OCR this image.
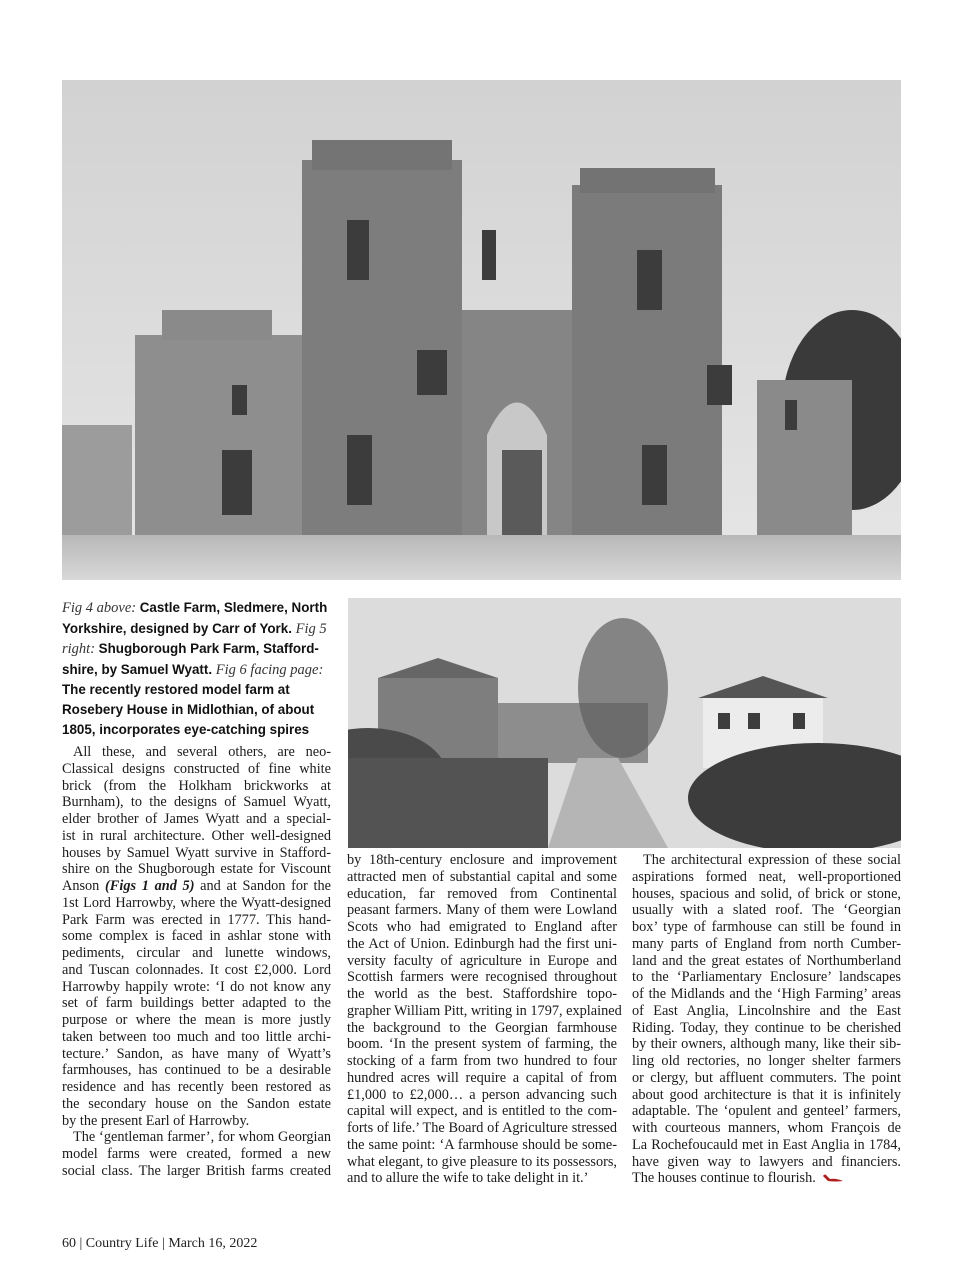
Fig 4 above: Castle Farm, Sledmere, North
Yorkshire, designed by Carr of York. Fig 5
right: Shugborough Park Farm, Stafford-
shire, by Samuel Wyatt. Fig 6 facing page:
The recently restored model farm at
Rosebery House in Midlothian, of about
1805, incorporates eye-catching spires
All these, and several others, are neo-
Classical designs constructed of fine white
brick (from the Holkham brickworks at
Burnham), to the designs of Samuel Wyatt,
elder brother of James Wyatt and a special-
ist in rural architecture. Other well-designed
houses by Samuel Wyatt survive in Stafford-
shire on the Shugborough estate for Viscount
Anson (Figs 1 and 5) and at Sandon for the
1st Lord Harrowby, where the Wyatt-designed
Park Farm was erected in 1777. This hand-
some complex is faced in ashlar stone with
pediments, circular and lunette windows,
and Tuscan colonnades. It cost £2,000. Lord
Harrowby happily wrote: ‘I do not know any
set of farm buildings better adapted to the
purpose or where the mean is more justly
taken between too much and too little archi-
tecture.’ Sandon, as have many of Wyatt’s
farmhouses, has continued to be a desirable
residence and has recently been restored as
the secondary house on the Sandon estate
by the present Earl of Harrowby.
The ‘gentleman farmer’, for whom Georgian
model farms were created, formed a new
social class. The larger British farms created
by 18th-century enclosure and improvement
attracted men of substantial capital and some
education, far removed from Continental
peasant farmers. Many of them were Lowland
Scots who had emigrated to England after
the Act of Union. Edinburgh had the first uni-
versity faculty of agriculture in Europe and
Scottish farmers were recognised throughout
the world as the best. Staffordshire topo-
grapher William Pitt, writing in 1797, explained
the background to the Georgian farmhouse
boom. ‘In the present system of farming, the
stocking of a farm from two hundred to four
hundred acres will require a capital of from
£1,000 to £2,000… a person advancing such
capital will expect, and is entitled to the com-
forts of life.’ The Board of Agriculture stressed
the same point: ‘A farmhouse should be some-
what elegant, to give pleasure to its possessors,
and to allure the wife to take delight in it.’
The architectural expression of these social
aspirations formed neat, well-proportioned
houses, spacious and solid, of brick or stone,
usually with a slated roof. The ‘Georgian
box’ type of farmhouse can still be found in
many parts of England from north Cumber-
land and the great estates of Northumberland
to the ‘Parliamentary Enclosure’ landscapes
of the Midlands and the ‘High Farming’ areas
of East Anglia, Lincolnshire and the East
Riding. Today, they continue to be cherished
by their owners, although many, like their sib-
ling old rectories, no longer shelter farmers
or clergy, but affluent commuters. The point
about good architecture is that it is infinitely
adaptable. The ‘opulent and genteel’ farmers,
with courteous manners, whom François de
La Rochefoucauld met in East Anglia in 1784,
have given way to lawyers and financiers.
The houses continue to flourish.
60 | Country Life | March 16, 2022
